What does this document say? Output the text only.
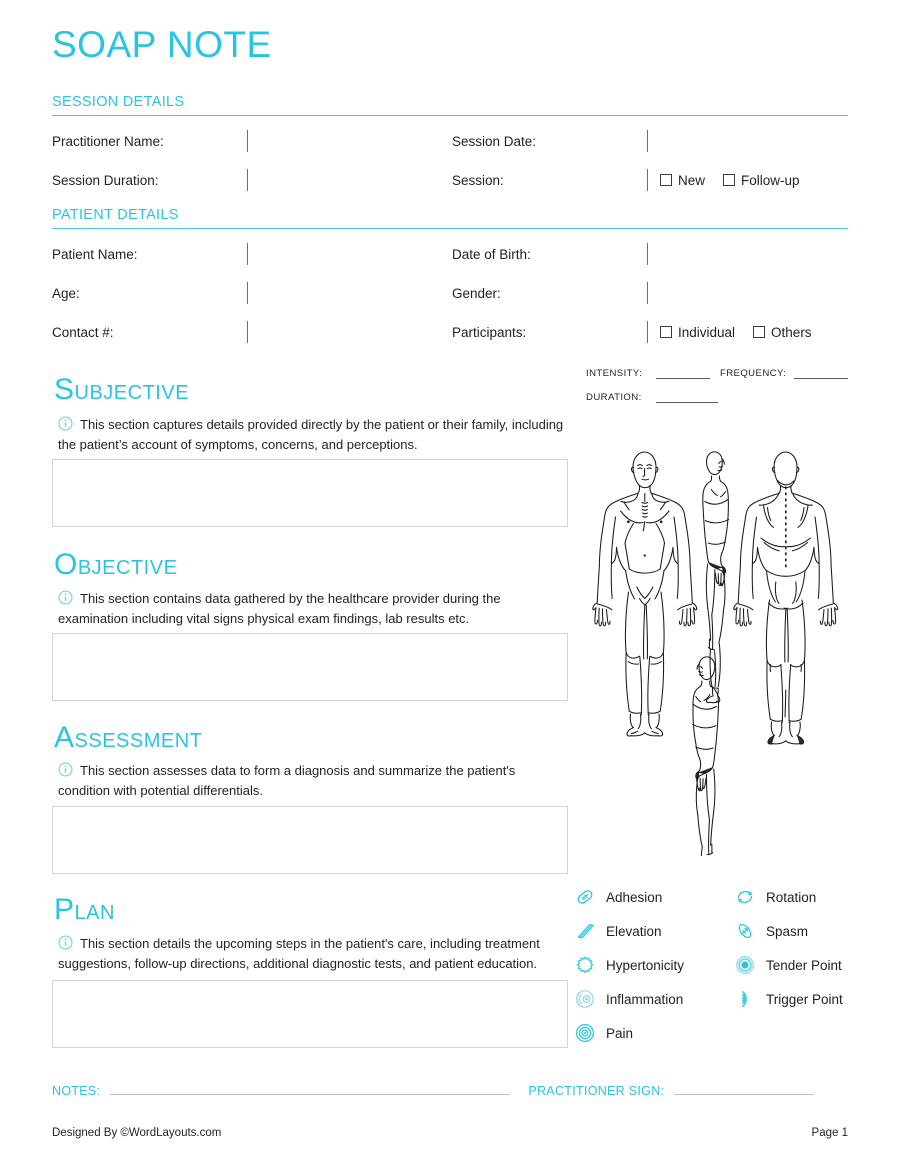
SOAP NOTE
SESSION DETAILS
Practitioner Name:	Session Date:
Session Duration:	Session:	New	Follow-up
PATIENT DETAILS
Patient Name:	Date of Birth:
Age:	Gender:
Contact #:	Participants:	Individual	Others
SUBJECTIVE
This section captures details provided directly by the patient or their family, including the patient’s account of symptoms, concerns, and perceptions.
OBJECTIVE
This section contains data gathered by the healthcare provider during the examination including vital signs physical exam findings, lab results etc.
ASSESSMENT
This section assesses data to form a diagnosis and summarize the patient's condition with potential differentials.
PLAN
This section details the upcoming steps in the patient's care, including treatment suggestions, follow-up directions, additional diagnostic tests, and patient education.
INTENSITY:	FREQUENCY:
DURATION:
Adhesion	Rotation
Elevation	Spasm
Hypertonicity	Tender Point
Inflammation	Trigger Point
Pain
NOTES:	PRACTITIONER SIGN:
Designed By ©WordLayouts.com	Page 1
